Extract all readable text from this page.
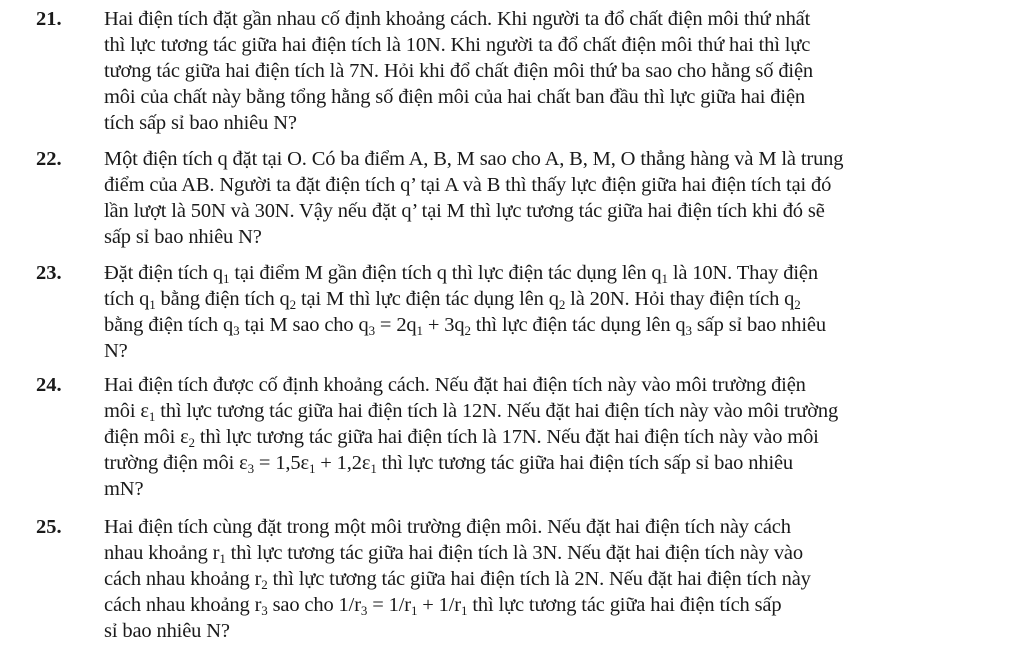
21. Hai điện tích đặt gần nhau cố định khoảng cách. Khi người ta đổ chất điện môi thứ nhất
thì lực tương tác giữa hai điện tích là 10N. Khi người ta đổ chất điện môi thứ hai thì lực
tương tác giữa hai điện tích là 7N. Hỏi khi đổ chất điện môi thứ ba sao cho hằng số điện
môi của chất này bằng tổng hằng số điện môi của hai chất ban đầu thì lực giữa hai điện
tích sấp sỉ bao nhiêu N?
22. Một điện tích q đặt tại O. Có ba điểm A, B, M sao cho A, B, M, O thẳng hàng và M là trung
điểm của AB. Người ta đặt điện tích q’ tại A và B thì thấy lực điện giữa hai điện tích tại đó
lần lượt là 50N và 30N. Vậy nếu đặt q’ tại M thì lực tương tác giữa hai điện tích khi đó sẽ
sấp sỉ bao nhiêu N?
23. Đặt điện tích $q_1$ tại điểm M gần điện tích q thì lực điện tác dụng lên $q_1$ là 10N. Thay điện
tích $q_1$ bằng điện tích $q_2$ tại M thì lực điện tác dụng lên $q_2$ là 20N. Hỏi thay điện tích $q_2$
bằng điện tích $q_3$ tại M sao cho $q_3 = 2q_1 + 3q_2$ thì lực điện tác dụng lên $q_3$ sấp sỉ bao nhiêu
N?
24. Hai điện tích được cố định khoảng cách. Nếu đặt hai điện tích này vào môi trường điện
môi $\varepsilon_1$ thì lực tương tác giữa hai điện tích là 12N. Nếu đặt hai điện tích này vào môi trường
điện môi $\varepsilon_2$ thì lực tương tác giữa hai điện tích là 17N. Nếu đặt hai điện tích này vào môi
trường điện môi $\varepsilon_3 = 1,5\varepsilon_1 + 1,2\varepsilon_1$ thì lực tương tác giữa hai điện tích sấp sỉ bao nhiêu
mN?
25. Hai điện tích cùng đặt trong một môi trường điện môi. Nếu đặt hai điện tích này cách
nhau khoảng $r_1$ thì lực tương tác giữa hai điện tích là 3N. Nếu đặt hai điện tích này vào
cách nhau khoảng $r_2$ thì lực tương tác giữa hai điện tích là 2N. Nếu đặt hai điện tích này
cách nhau khoảng $r_3$ sao cho $1/r_3 = 1/r_1 + 1/r_1$ thì lực tương tác giữa hai điện tích sấp
sỉ bao nhiêu N?
